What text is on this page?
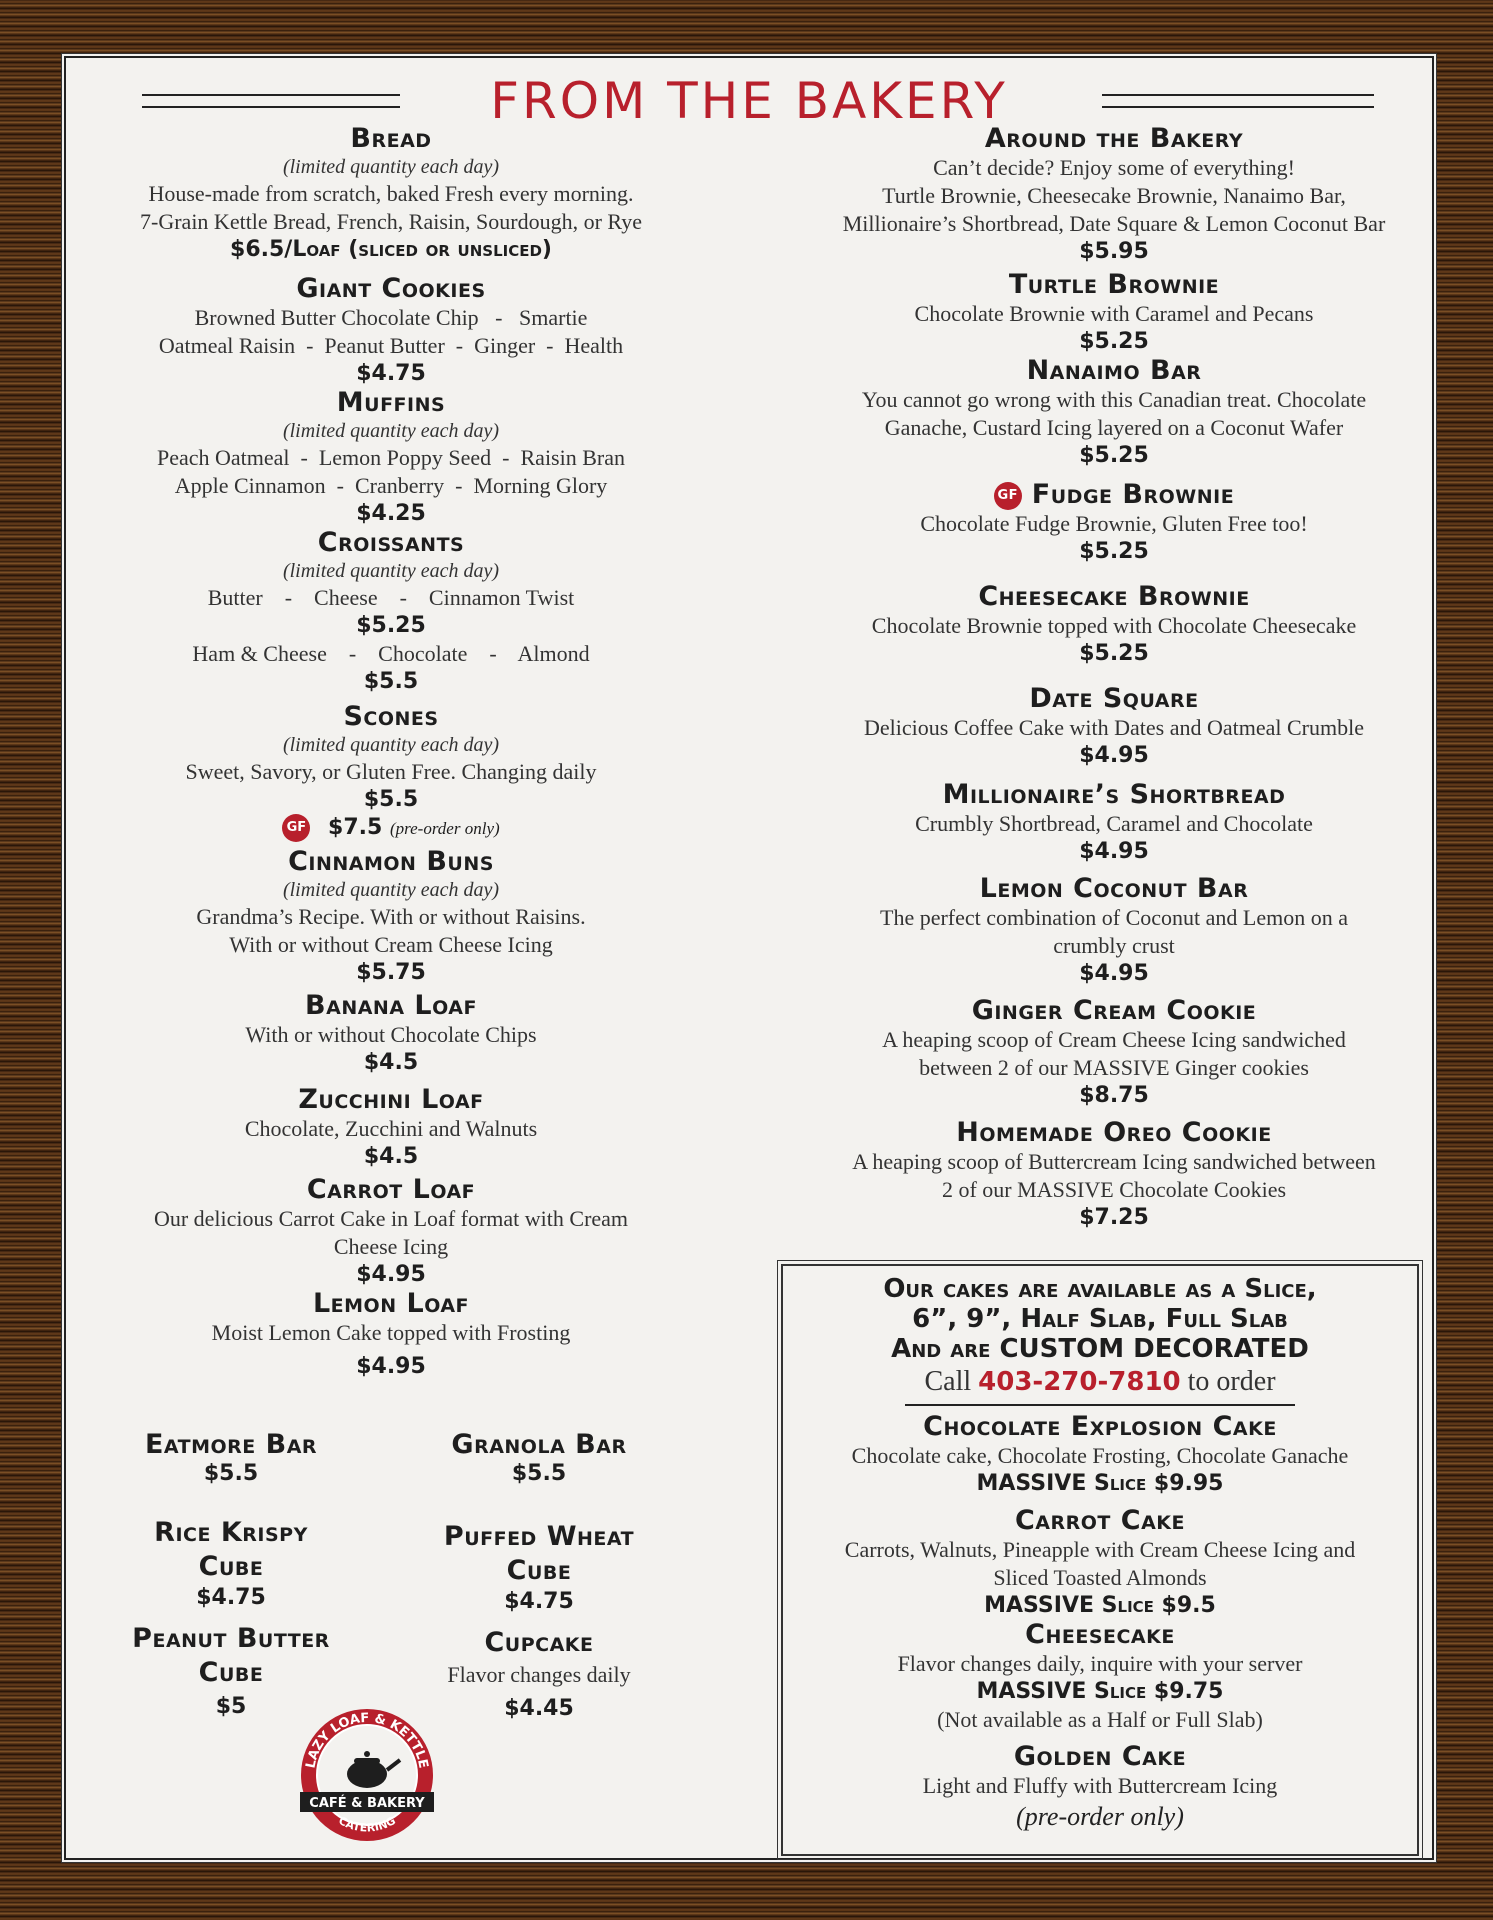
FROM THE BAKERY
Bread
(limited quantity each day)
House-made from scratch, baked Fresh every morning.
7-Grain Kettle Bread, French, Raisin, Sourdough, or Rye
$6.5/Loaf (sliced or unsliced)
Giant Cookies
Browned Butter Chocolate Chip   -   Smartie
Oatmeal Raisin  -  Peanut Butter  -  Ginger  -  Health
$4.75
Muffins
(limited quantity each day)
Peach Oatmeal  -  Lemon Poppy Seed  -  Raisin Bran
Apple Cinnamon  -  Cranberry  -  Morning Glory
$4.25
Croissants
(limited quantity each day)
Butter    -    Cheese    -    Cinnamon Twist
$5.25
Ham & Cheese    -    Chocolate    -    Almond
$5.5
Scones
(limited quantity each day)
Sweet, Savory, or Gluten Free. Changing daily
$5.5
GF $7.5 (pre-order only)
Cinnamon Buns
(limited quantity each day)
Grandma’s Recipe. With or without Raisins.
With or without Cream Cheese Icing
$5.75
Banana Loaf
With or without Chocolate Chips
$4.5
Zucchini Loaf
Chocolate, Zucchini and Walnuts
$4.5
Carrot Loaf
Our delicious Carrot Cake in Loaf format with Cream
Cheese Icing
$4.95
Lemon Loaf
Moist Lemon Cake topped with Frosting
$4.95
Eatmore Bar
$5.5
Granola Bar
$5.5
Rice Krispy
Cube
$4.75
Puffed Wheat
Cube
$4.75
Peanut Butter
Cube
$5
Cupcake
Flavor changes daily
$4.45
LAZY LOAF & KETTLE
CAFÉ & BAKERY
CATERING
Around the Bakery
Can’t decide? Enjoy some of everything!
Turtle Brownie, Cheesecake Brownie, Nanaimo Bar,
Millionaire’s Shortbread, Date Square & Lemon Coconut Bar
$5.95
Turtle Brownie
Chocolate Brownie with Caramel and Pecans
$5.25
Nanaimo Bar
You cannot go wrong with this Canadian treat. Chocolate
Ganache, Custard Icing layered on a Coconut Wafer
$5.25
GF Fudge Brownie
Chocolate Fudge Brownie, Gluten Free too!
$5.25
Cheesecake Brownie
Chocolate Brownie topped with Chocolate Cheesecake
$5.25
Date Square
Delicious Coffee Cake with Dates and Oatmeal Crumble
$4.95
Millionaire’s Shortbread
Crumbly Shortbread, Caramel and Chocolate
$4.95
Lemon Coconut Bar
The perfect combination of Coconut and Lemon on a
crumbly crust
$4.95
Ginger Cream Cookie
A heaping scoop of Cream Cheese Icing sandwiched
between 2 of our MASSIVE Ginger cookies
$8.75
Homemade Oreo Cookie
A heaping scoop of Buttercream Icing sandwiched between
2 of our MASSIVE Chocolate Cookies
$7.25
Our cakes are available as a Slice,
6”, 9”, Half Slab, Full Slab
And are CUSTOM DECORATED
Call 403-270-7810 to order
Chocolate Explosion Cake
Chocolate cake, Chocolate Frosting, Chocolate Ganache
MASSIVE Slice $9.95
Carrot Cake
Carrots, Walnuts, Pineapple with Cream Cheese Icing and
Sliced Toasted Almonds
MASSIVE Slice $9.5
Cheesecake
Flavor changes daily, inquire with your server
MASSIVE Slice $9.75
(Not available as a Half or Full Slab)
Golden Cake
Light and Fluffy with Buttercream Icing
(pre-order only)
